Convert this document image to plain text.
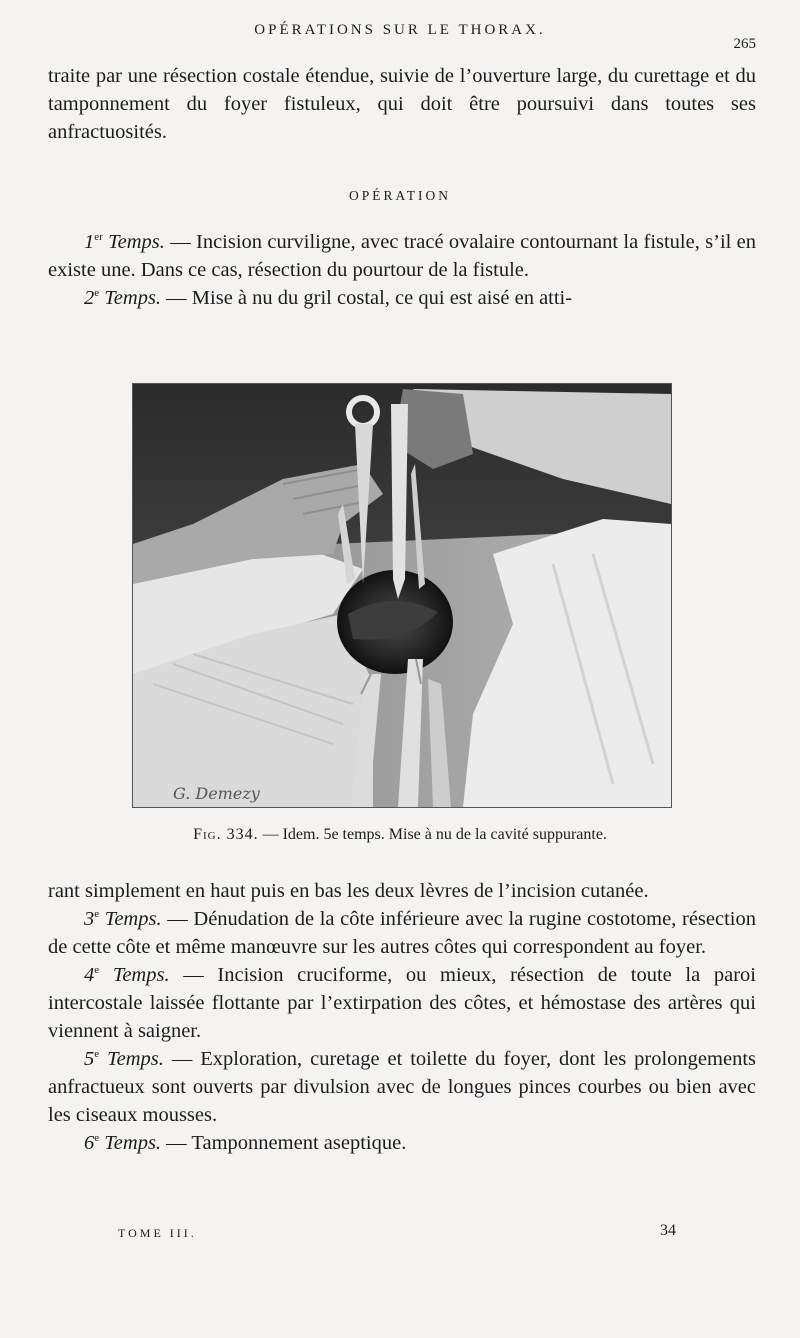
OPÉRATIONS SUR LE THORAX.
265

traite par une résection costale étendue, suivie de l’ouverture large, du curettage et du tamponnement du foyer fistuleux, qui doit être poursuivi dans toutes ses anfractuosités.

OPÉRATION

1er Temps. — Incision curviligne, avec tracé ovalaire contournant la fistule, s’il en existe une. Dans ce cas, résection du pourtour de la fistule.

2e Temps. — Mise à nu du gril costal, ce qui est aisé en atti-

G. Demezy
Fig. 334. — Idem. 5e temps. Mise à nu de la cavité suppurante.

rant simplement en haut puis en bas les deux lèvres de l’incision cutanée.

3e Temps. — Dénudation de la côte inférieure avec la rugine costotome, résection de cette côte et même manœuvre sur les autres côtes qui correspondent au foyer.

4e Temps. — Incision cruciforme, ou mieux, résection de toute la paroi intercostale laissée flottante par l’extirpation des côtes, et hémostase des artères qui viennent à saigner.

5e Temps. — Exploration, curetage et toilette du foyer, dont les prolongements anfractueux sont ouverts par divulsion avec de longues pinces courbes ou bien avec les ciseaux mousses.

6e Temps. — Tamponnement aseptique.

TOME III.	34
